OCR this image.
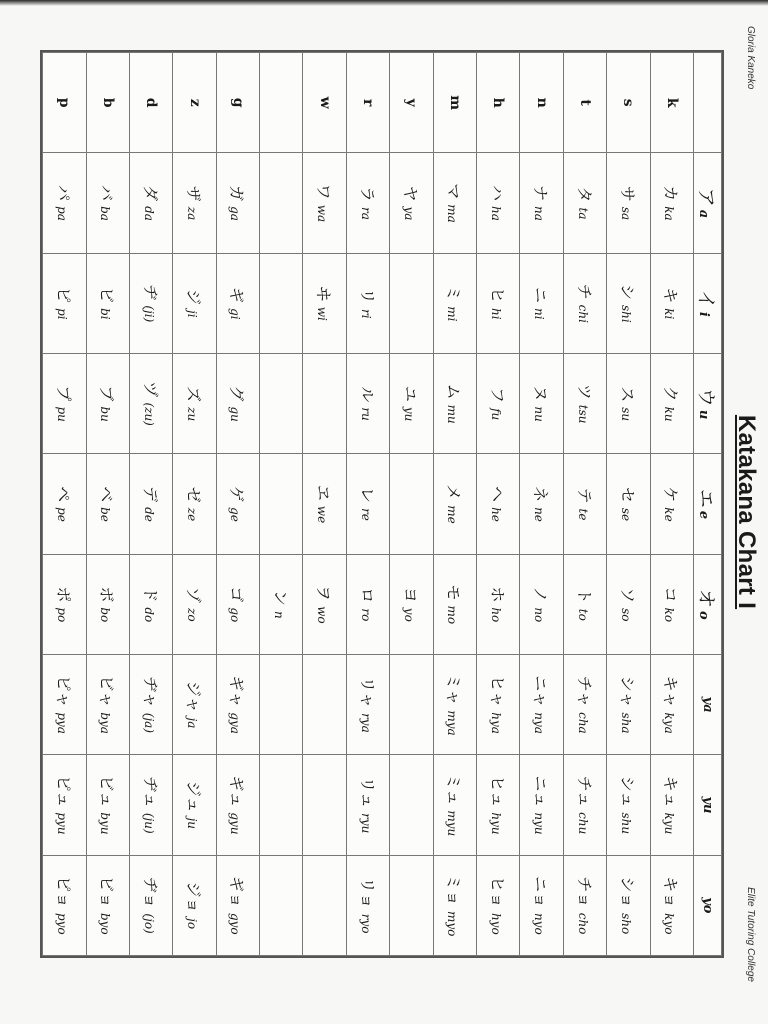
Gloria Kaneko
Katakana Chart I
Elite Tutoring College
	アa	イi	ウu	エe	オo	ya	yu	yo
k	カka	キki	クku	ケke	コko	キャkya	キュkyu	キョkyo
s	サsa	シshi	スsu	セse	ソso	シャsha	シュshu	ショsho
t	タta	チchi	ツtsu	テte	トto	チャcha	チュchu	チョcho
n	ナna	ニni	ヌnu	ネne	ノno	ニャnya	ニュnyu	ニョnyo
h	ハha	ヒhi	フfu	ヘhe	ホho	ヒャhya	ヒュhyu	ヒョhyo
m	マma	ミmi	ムmu	メme	モmo	ミャmya	ミュmyu	ミョmyo
y	ヤya		ユyu		ヨyo			
r	ラra	リri	ルru	レre	ロro	リャrya	リュryu	リョryo
w	ワwa	ヰwi		ヱwe	ヲwo			
					ンn			
g	ガga	ギgi	グgu	ゲge	ゴgo	ギャgya	ギュgyu	ギョgyo
z	ザza	ジji	ズzu	ゼze	ゾzo	ジャja	ジュju	ジョjo
d	ダda	ヂ(ji)	ヅ(zu)	デde	ドdo	ヂャ(ja)	ヂュ(ju)	ヂョ(jo)
b	バba	ビbi	ブbu	ベbe	ボbo	ビャbya	ビュbyu	ビョbyo
p	パpa	ピpi	プpu	ペpe	ポpo	ピャpya	ピュpyu	ピョpyo
